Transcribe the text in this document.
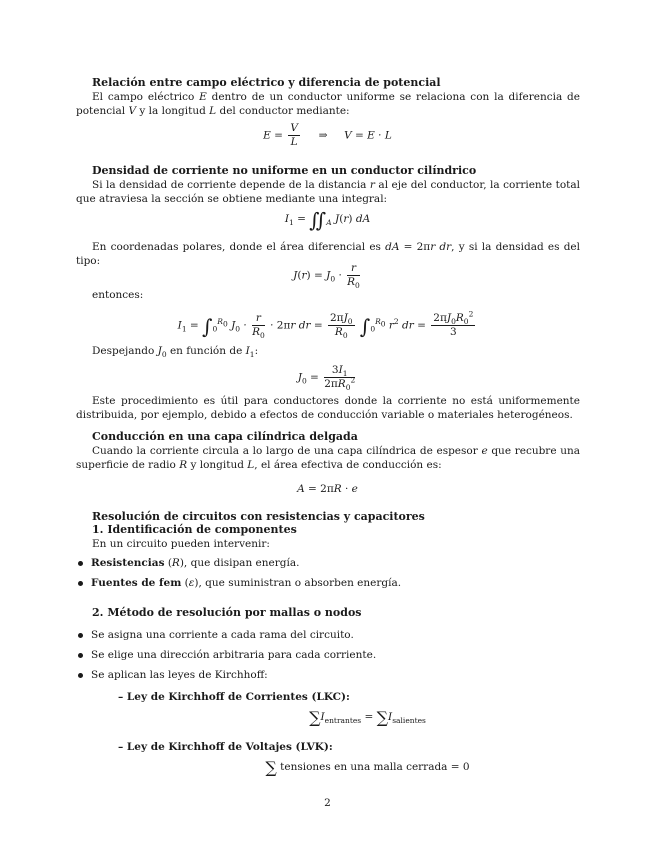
Relación entre campo eléctrico y diferencia de potencial
El campo eléctrico E dentro de un conductor uniforme se relaciona con la diferencia de potencial V y la longitud L del conductor mediante:
$E = \frac{V}{L}$ ⇒     V = E · L
Densidad de corriente no uniforme en un conductor cilíndrico
Si la densidad de corriente depende de la distancia r al eje del conductor, la corriente total que atraviesa la sección se obtiene mediante una integral:
$I_1$ = $∬_A$ J(r) dA
En coordenadas polares, donde el área diferencial es dA = 2πr dr, y si la densidad es del tipo:
$J(r) = J_0 \cdot \frac{r}{R_0}$
entonces:
$I_1 = \int_0^{R_0}$ $J_0 \cdot \frac{r}{R_0} \cdot 2\pi r$ dr = $\frac{2\pi J_0}{R_0} \int_0^{R_0}$ $r^2$ dr = $\frac{2\pi J_0R_0^2}{3}$
Despejando $J_0$ en función de $I_1$:
$J_0 = \frac{3I_1}{2\pi R_0^2}$
Este procedimiento es útil para conductores donde la corriente no está uniformemente distribuida, por ejemplo, debido a efectos de conducción variable o materiales heterogéneos.
Conducción en una capa cilíndrica delgada
Cuando la corriente circula a lo largo de una capa cilíndrica de espesor e que recubre una superficie de radio R y longitud L, el área efectiva de conducción es:
A = 2πR · e
Resolución de circuitos con resistencias y capacitores
1. Identificación de componentes
En un circuito pueden intervenir:
Resistencias (R), que disipan energía.
Fuentes de fem (ε), que suministran o absorben energía.
2. Método de resolución por mallas o nodos
Se asigna una corriente a cada rama del circuito.
Se elige una dirección arbitraria para cada corriente.
Se aplican las leyes de Kirchhoff:
– Ley de Kirchhoff de Corrientes (LKC):
$\sum I_{entrantes} = \sum I_{salientes}$
– Ley de Kirchhoff de Voltajes (LVK):
∑ tensiones en una malla cerrada = 0
2
